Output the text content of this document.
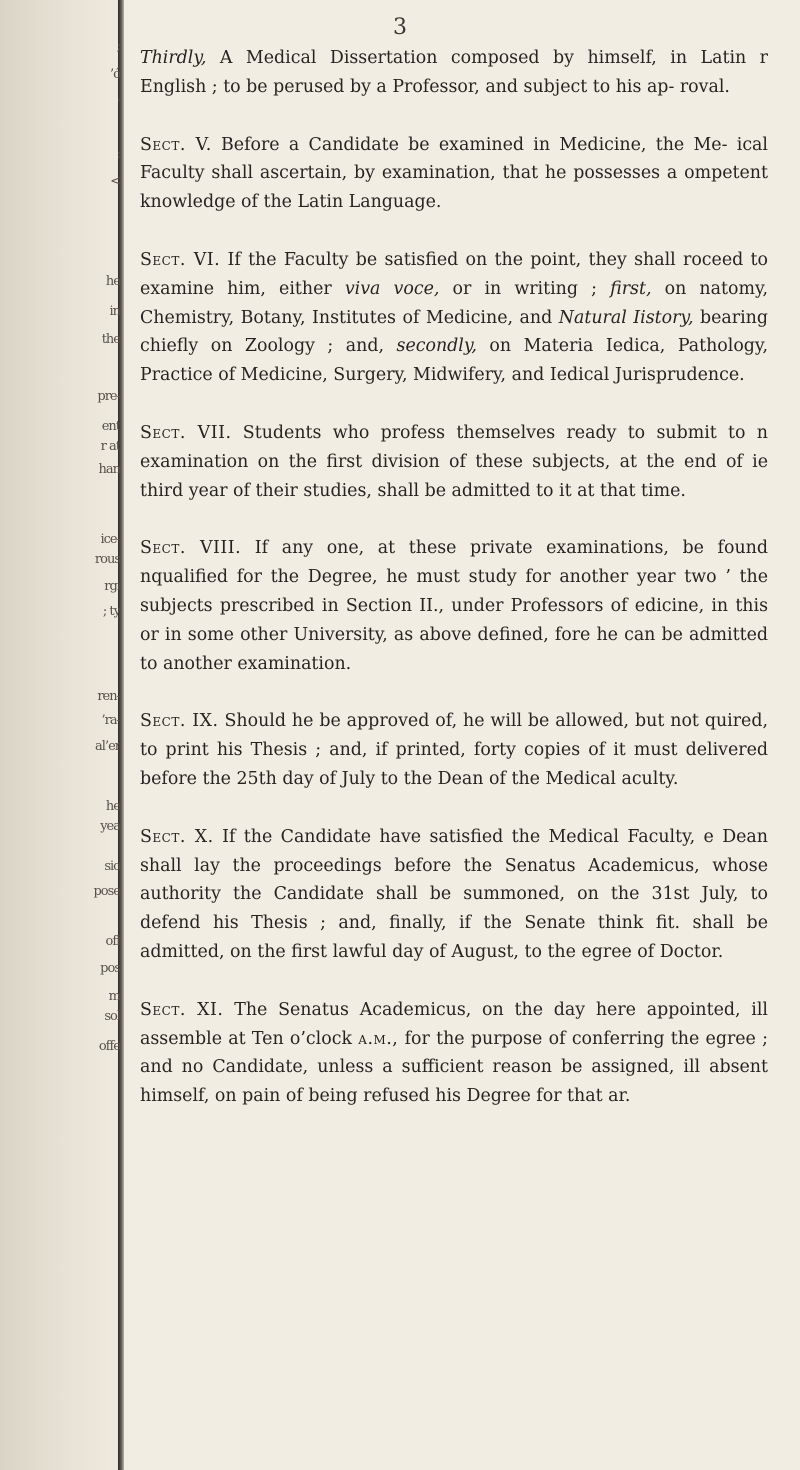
;
’ó
’
:
<
he
in
the
pre-
ent
r at
han
ice-
rous
rgi
; ty
ren-
’ra-
al’er
he
yea
sio
pose
off
pos
m
sol
offe
3

Thirdly, A Medical Dissertation composed by himself, in Latin r English ; to be perused by a Professor, and subject to his ap- roval.

Sect. V. Before a Candidate be examined in Medicine, the Me- ical Faculty shall ascertain, by examination, that he possesses a ompetent knowledge of the Latin Language.

Sect. VI. If the Faculty be satisfied on the point, they shall roceed to examine him, either viva voce, or in writing ; first, on natomy, Chemistry, Botany, Institutes of Medicine, and Natural Iistory, bearing chiefly on Zoology ; and, secondly, on Materia Iedica, Pathology, Practice of Medicine, Surgery, Midwifery, and Iedical Jurisprudence.

Sect. VII. Students who profess themselves ready to submit to n examination on the first division of these subjects, at the end of ie third year of their studies, shall be admitted to it at that time.

Sect. VIII. If any one, at these private examinations, be found nqualified for the Degree, he must study for another year two ’ the subjects prescribed in Section II., under Professors of edicine, in this or in some other University, as above defined, fore he can be admitted to another examination.

Sect. IX. Should he be approved of, he will be allowed, but not quired, to print his Thesis ; and, if printed, forty copies of it must delivered before the 25th day of July to the Dean of the Medical aculty.

Sect. X. If the Candidate have satisfied the Medical Faculty, e Dean shall lay the proceedings before the Senatus Academicus, whose authority the Candidate shall be summoned, on the 31st July, to defend his Thesis ; and, finally, if the Senate think fit. shall be admitted, on the first lawful day of August, to the egree of Doctor.

Sect. XI. The Senatus Academicus, on the day here appointed, ill assemble at Ten o’clock a.m., for the purpose of conferring the egree ; and no Candidate, unless a sufficient reason be assigned, ill absent himself, on pain of being refused his Degree for that ar.
